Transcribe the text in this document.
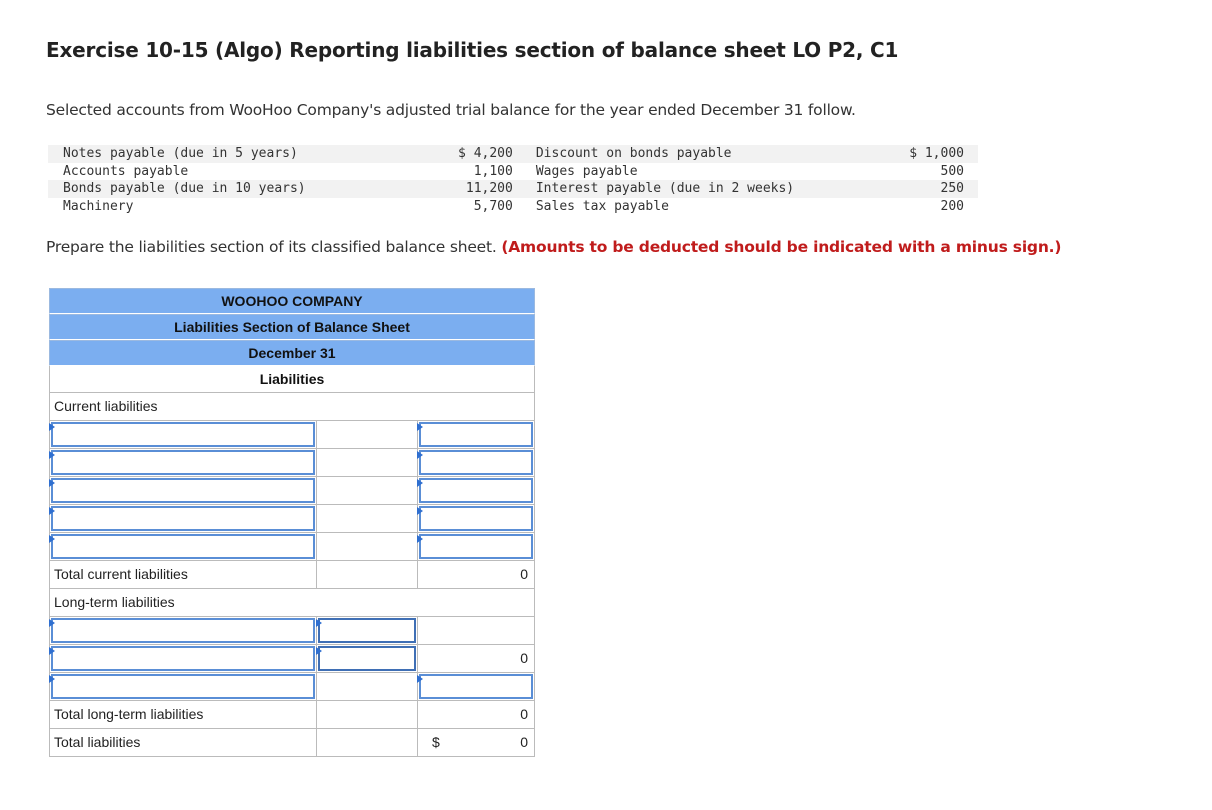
Exercise 10-15 (Algo) Reporting liabilities section of balance sheet LO P2, C1
Selected accounts from WooHoo Company's adjusted trial balance for the year ended December 31 follow.
Notes payable (due in 5 years)	$ 4,200	Discount on bonds payable	$ 1,000
Accounts payable	1,100	Wages payable	500
Bonds payable (due in 10 years)	11,200	Interest payable (due in 2 weeks)	250
Machinery	5,700	Sales tax payable	200
Prepare the liabilities section of its classified balance sheet. (Amounts to be deducted should be indicated with a minus sign.)
WOOHOO COMPANY
Liabilities Section of Balance Sheet
December 31
Liabilities
Current liabilities
Total current liabilities	0
Long-term liabilities
0
Total long-term liabilities	0
Total liabilities	$	0
